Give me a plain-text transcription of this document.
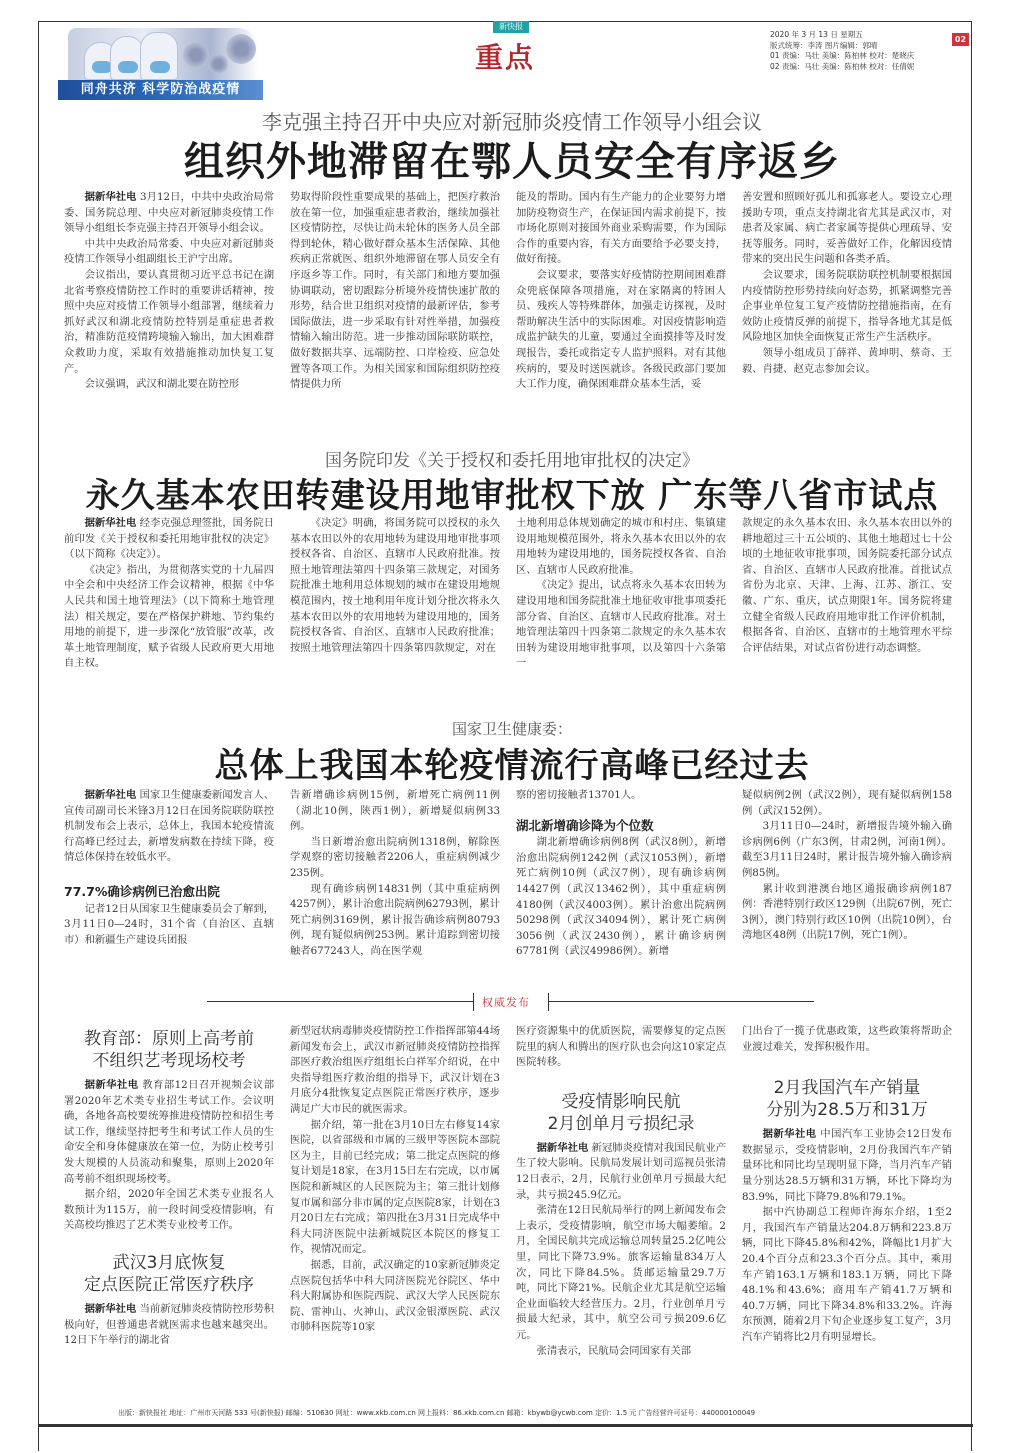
同舟共济 科学防治战疫情
新快报
重点
2020 年 3 月 13 日 星期五
版式统筹：李涛 图片编辑：郭晴
01 责编：马壮 美编：陈柏林 校对：楚晓庆
02 责编：马壮 美编：陈柏林 校对：任倩妮
02
李克强主持召开中央应对新冠肺炎疫情工作领导小组会议
组织外地滞留在鄂人员安全有序返乡

据新华社电 3月12日，中共中央政治局常委、国务院总理、中央应对新冠肺炎疫情工作领导小组组长李克强主持召开领导小组会议。

中共中央政治局常委、中央应对新冠肺炎疫情工作领导小组副组长王沪宁出席。

会议指出，要认真贯彻习近平总书记在湖北省考察疫情防控工作时的重要讲话精神，按照中央应对疫情工作领导小组部署，继续着力抓好武汉和湖北疫情防控特别是重症患者救治，精准防范疫情跨境输入输出，加大困难群众救助力度，采取有效措施推动加快复工复产。

会议强调，武汉和湖北要在防控形

势取得阶段性重要成果的基础上，把医疗救治放在第一位，加强重症患者救治，继续加强社区疫情防控，尽快让尚未轮休的医务人员全部得到轮休，精心做好群众基本生活保障、其他疾病正常就医、组织外地滞留在鄂人员安全有序返乡等工作。同时，有关部门和地方要加强协调联动，密切跟踪分析境外疫情快速扩散的形势，结合世卫组织对疫情的最新评估，参考国际做法，进一步采取有针对性举措，加强疫情输入输出防范。进一步推动国际联防联控，做好数据共享、远端防控、口岸检疫、应急处置等各项工作。为相关国家和国际组织防控疫情提供力所

能及的帮助。国内有生产能力的企业要努力增加防疫物资生产，在保证国内需求前提下，按市场化原则对接国外商业采购需要，作为国际合作的重要内容，有关方面要给予必要支持，做好衔接。

会议要求，要落实好疫情防控期间困难群众兜底保障各项措施，对在家隔离的特困人员、残疾人等特殊群体，加强走访探视，及时帮助解决生活中的实际困难。对因疫情影响造成监护缺失的儿童，要通过全面摸排等及时发现报告，委托或指定专人监护照料。对有其他疾病的，要及时送医就诊。各级民政部门要加大工作力度，确保困难群众基本生活，妥

善安置和照顾好孤儿和孤寡老人。要设立心理援助专项，重点支持湖北省尤其是武汉市，对患者及家属、病亡者家属等提供心理疏导、安抚等服务。同时，妥善做好工作，化解因疫情带来的突出民生问题和各类矛盾。

会议要求，国务院联防联控机制要根据国内疫情防控形势持续向好态势，抓紧调整完善企事业单位复工复产疫情防控措施指南，在有效防止疫情反弹的前提下，指导各地尤其是低风险地区加快全面恢复正常生产生活秩序。

领导小组成员丁薛祥、黄坤明、蔡奇、王毅、肖捷、赵克志参加会议。

国务院印发《关于授权和委托用地审批权的决定》
永久基本农田转建设用地审批权下放 广东等八省市试点

据新华社电 经李克强总理签批，国务院日前印发《关于授权和委托用地审批权的决定》（以下简称《决定》）。

《决定》指出，为贯彻落实党的十九届四中全会和中央经济工作会议精神，根据《中华人民共和国土地管理法》（以下简称土地管理法）相关规定，要在严格保护耕地、节约集约用地的前提下，进一步深化“放管服”改革，改革土地管理制度，赋予省级人民政府更大用地自主权。

《决定》明确，将国务院可以授权的永久基本农田以外的农用地转为建设用地审批事项授权各省、自治区、直辖市人民政府批准。按照土地管理法第四十四条第三款规定，对国务院批准土地利用总体规划的城市在建设用地规模范围内，按土地利用年度计划分批次将永久基本农田以外的农用地转为建设用地的，国务院授权各省、自治区、直辖市人民政府批准；按照土地管理法第四十四条第四款规定，对在

土地利用总体规划确定的城市和村庄、集镇建设用地规模范围外，将永久基本农田以外的农用地转为建设用地的，国务院授权各省、自治区、直辖市人民政府批准。

《决定》提出，试点将永久基本农田转为建设用地和国务院批准土地征收审批事项委托部分省、自治区、直辖市人民政府批准。对土地管理法第四十四条第二款规定的永久基本农田转为建设用地审批事项，以及第四十六条第一

款规定的永久基本农田、永久基本农田以外的耕地超过三十五公顷的、其他土地超过七十公顷的土地征收审批事项，国务院委托部分试点省、自治区、直辖市人民政府批准。首批试点省份为北京、天津、上海、江苏、浙江、安徽、广东、重庆，试点期限1年。国务院将建立健全省级人民政府用地审批工作评价机制，根据各省、自治区、直辖市的土地管理水平综合评估结果，对试点省份进行动态调整。

国家卫生健康委：
总体上我国本轮疫情流行高峰已经过去

据新华社电 国家卫生健康委新闻发言人、宣传司副司长米锋3月12日在国务院联防联控机制发布会上表示，总体上，我国本轮疫情流行高峰已经过去，新增发病数在持续下降，疫情总体保持在较低水平。

77.7%确诊病例已治愈出院

记者12日从国家卫生健康委员会了解到，3月11日0—24时，31个省（自治区、直辖市）和新疆生产建设兵团报

告新增确诊病例15例，新增死亡病例11例（湖北10例，陕西1例），新增疑似病例33例。

当日新增治愈出院病例1318例，解除医学观察的密切接触者2206人，重症病例减少235例。

现有确诊病例14831例（其中重症病例4257例），累计治愈出院病例62793例，累计死亡病例3169例，累计报告确诊病例80793例，现有疑似病例253例。累计追踪到密切接触者677243人，尚在医学观

察的密切接触者13701人。

湖北新增确诊降为个位数

湖北新增确诊病例8例（武汉8例），新增治愈出院病例1242例（武汉1053例），新增死亡病例10例（武汉7例），现有确诊病例14427例（武汉13462例），其中重症病例4180例（武汉4003例）。累计治愈出院病例50298例（武汉34094例），累计死亡病例3056例（武汉2430例），累计确诊病例67781例（武汉49986例）。新增

疑似病例2例（武汉2例），现有疑似病例158例（武汉152例）。

3月11日0—24时，新增报告境外输入确诊病例6例（广东3例，甘肃2例，河南1例）。截至3月11日24时，累计报告境外输入确诊病例85例。

累计收到港澳台地区通报确诊病例187例：香港特别行政区129例（出院67例，死亡3例），澳门特别行政区10例（出院10例），台湾地区48例（出院17例，死亡1例）。

权威发布
教育部：原则上高考前
不组织艺考现场校考

据新华社电 教育部12日召开视频会议部署2020年艺术类专业招生考试工作。会议明确，各地各高校要统筹推进疫情防控和招生考试工作，继续坚持把考生和考试工作人员的生命安全和身体健康放在第一位，为防止校考引发大规模的人员流动和聚集，原则上2020年高考前不组织现场校考。

据介绍，2020年全国艺术类专业报名人数预计为115万，前一段时间受疫情影响，有关高校均推迟了艺术类专业校考工作。

武汉3月底恢复
定点医院正常医疗秩序

据新华社电 当前新冠肺炎疫情防控形势积极向好，但普通患者就医需求也越来越突出。12日下午举行的湖北省

新型冠状病毒肺炎疫情防控工作指挥部第44场新闻发布会上，武汉市新冠肺炎疫情防控指挥部医疗救治组医疗组组长白祥军介绍说，在中央指导组医疗救治组的指导下，武汉计划在3月底分4批恢复定点医院正常医疗秩序，逐步满足广大市民的就医需求。

据介绍，第一批在3月10日左右修复14家医院，以省部级和市属的三级甲等医院本部院区为主，目前已经完成；第二批定点医院的修复计划是18家，在3月15日左右完成，以市属医院和新城区的人民医院为主；第三批计划修复市属和部分非市属的定点医院8家，计划在3月20日左右完成；第四批在3月31日完成华中科大同济医院中法新城院区本院区的修复工作，视情况而定。

据悉，目前，武汉确定的10家新冠肺炎定点医院包括华中科大同济医院光谷院区、华中科大附属协和医院西院、武汉大学人民医院东院、雷神山、火神山、武汉金银潭医院、武汉市肺科医院等10家

医疗资源集中的优质医院，需要修复的定点医院里的病人和腾出的医疗队也会向这10家定点医院转移。

受疫情影响民航
2月创单月亏损纪录

据新华社电 新冠肺炎疫情对我国民航业产生了较大影响。民航局发展计划司巡视员张清12日表示，2月，民航行业创单月亏损最大纪录，共亏损245.9亿元。

张清在12日民航局举行的网上新闻发布会上表示，受疫情影响，航空市场大幅萎缩。2月，全国民航共完成运输总周转量25.2亿吨公里，同比下降73.9%。旅客运输量834万人次，同比下降84.5%。货邮运输量29.7万吨，同比下降21%。民航企业尤其是航空运输企业面临较大经营压力。2月，行业创单月亏损最大纪录，其中，航空公司亏损209.6亿元。

张清表示，民航局会同国家有关部

门出台了一揽子优惠政策，这些政策将帮助企业渡过难关，发挥积极作用。

2月我国汽车产销量
分别为28.5万和31万

据新华社电 中国汽车工业协会12日发布数据显示，受疫情影响，2月份我国汽车产销量环比和同比均呈现明显下降，当月汽车产销量分别达28.5万辆和31万辆，环比下降均为83.9%，同比下降79.8%和79.1%。

据中汽协副总工程师许海东介绍，1至2月，我国汽车产销量达204.8万辆和223.8万辆，同比下降45.8%和42%，降幅比1月扩大20.4个百分点和23.3个百分点。其中，乘用车产销163.1万辆和183.1万辆，同比下降48.1%和43.6%；商用车产销41.7万辆和40.7万辆，同比下降34.8%和33.2%。许海东预测，随着2月下旬企业逐步复工复产，3月汽车产销将比2月有明显增长。

出版：新快报社 地址：广州市天河路 533 号(新快报) 邮编：510630 网址：www.xkb.com.cn 网上报料：86.xkb.com.cn 邮箱：kbywb@ycwb.com 定价：1.5 元 广告经营许可证号：440000100049
